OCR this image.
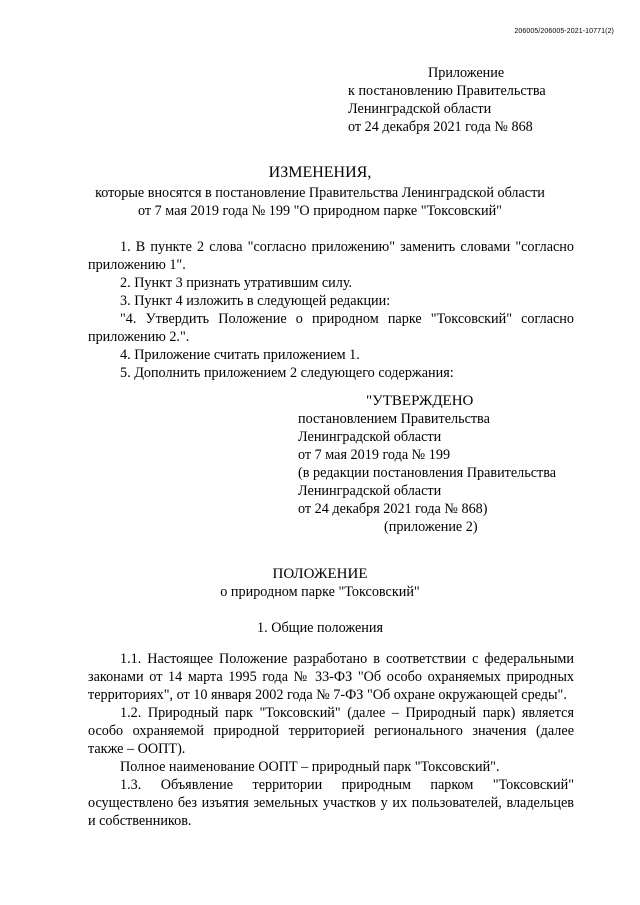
206005/206005-2021-10771(2)
Приложение
к постановлению Правительства
Ленинградской области
от 24 декабря 2021 года № 868
ИЗМЕНЕНИЯ,
которые вносятся в постановление Правительства Ленинградской области
от 7 мая 2019 года № 199 "О природном парке "Токсовский"

1. В пункте 2 слова "согласно приложению" заменить словами "согласно приложению 1".

2. Пункт 3 признать утратившим силу.

3. Пункт 4 изложить в следующей редакции:

"4. Утвердить Положение о природном парке "Токсовский" согласно приложению 2.".

4. Приложение считать приложением 1.

5. Дополнить приложением 2 следующего содержания:

"УТВЕРЖДЕНО
постановлением Правительства
Ленинградской области
от 7 мая 2019 года № 199
(в редакции постановления Правительства
Ленинградской области
от 24 декабря 2021 года № 868)
(приложение 2)
ПОЛОЖЕНИЕ
о природном парке "Токсовский"
1. Общие положения

1.1. Настоящее Положение разработано в соответствии с федеральными законами от 14 марта 1995 года № 33-ФЗ "Об особо охраняемых природных территориях", от 10 января 2002 года № 7-ФЗ "Об охране окружающей среды".

1.2. Природный парк "Токсовский" (далее – Природный парк) является особо охраняемой природной территорией регионального значения (далее также – ООПТ).

Полное наименование ООПТ – природный парк "Токсовский".

1.3. Объявление территории природным парком "Токсовский" осуществлено без изъятия земельных участков у их пользователей, владельцев и собственников.
